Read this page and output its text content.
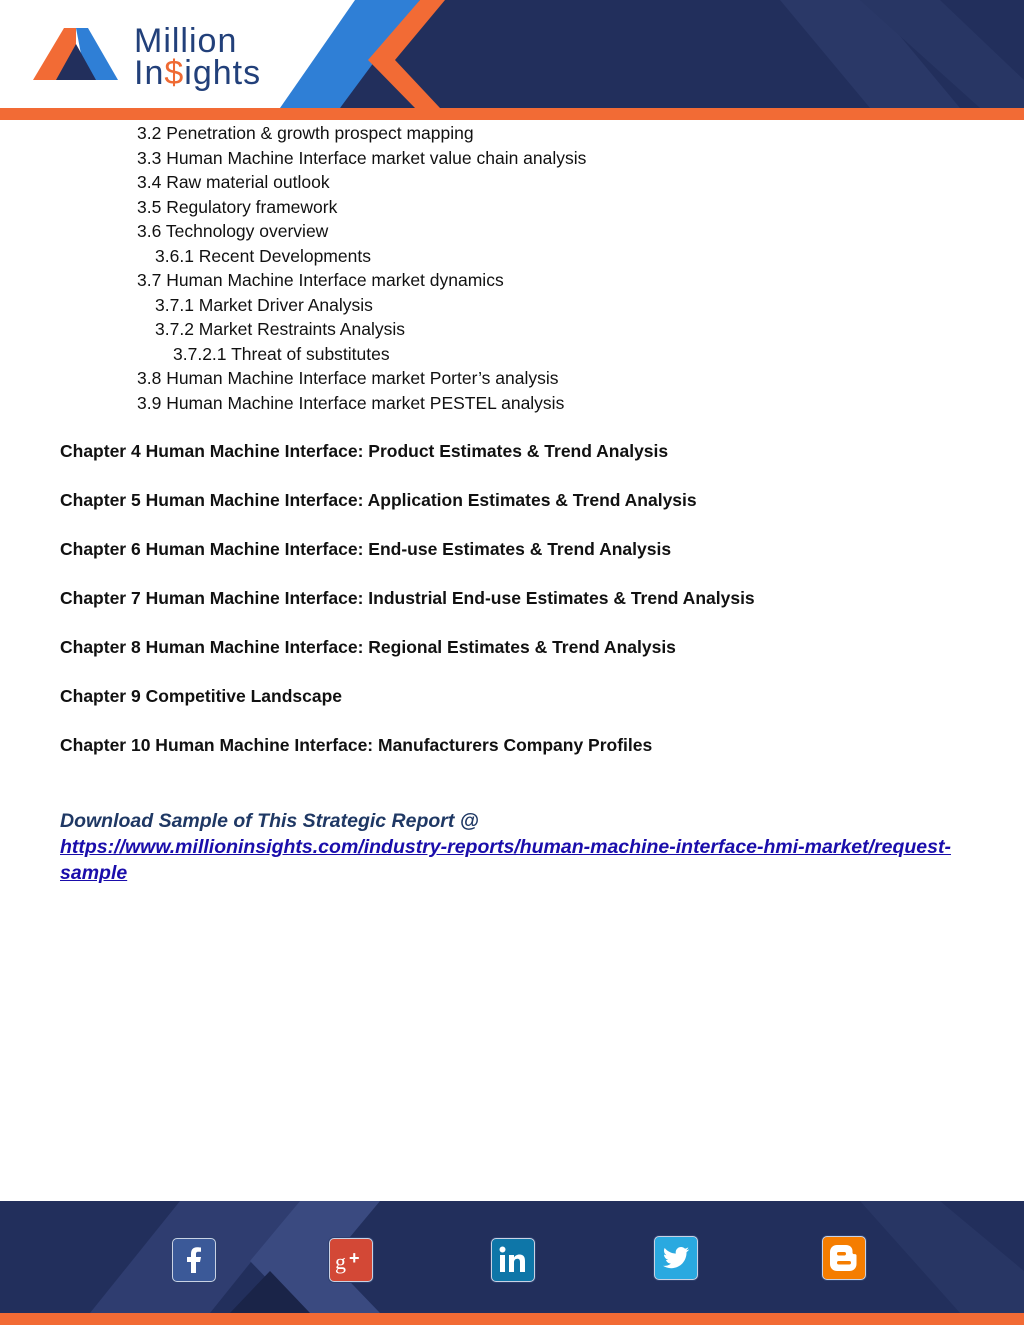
Million
In$ights
3.2 Penetration & growth prospect mapping
3.3 Human Machine Interface market value chain analysis
3.4 Raw material outlook
3.5 Regulatory framework
3.6 Technology overview
3.6.1 Recent Developments
3.7 Human Machine Interface market dynamics
3.7.1 Market Driver Analysis
3.7.2 Market Restraints Analysis
3.7.2.1 Threat of substitutes
3.8 Human Machine Interface market Porter’s analysis
3.9 Human Machine Interface market PESTEL analysis
Chapter 4 Human Machine Interface: Product Estimates & Trend Analysis
Chapter 5 Human Machine Interface: Application Estimates & Trend Analysis
Chapter 6 Human Machine Interface: End-use Estimates & Trend Analysis
Chapter 7 Human Machine Interface: Industrial End-use Estimates & Trend Analysis
Chapter 8 Human Machine Interface: Regional Estimates & Trend Analysis
Chapter 9 Competitive Landscape
Chapter 10 Human Machine Interface: Manufacturers Company Profiles
Download Sample of This Strategic Report @
https://www.millioninsights.com/industry-reports/human-machine-interface-hmi-market/request-sample
g +
